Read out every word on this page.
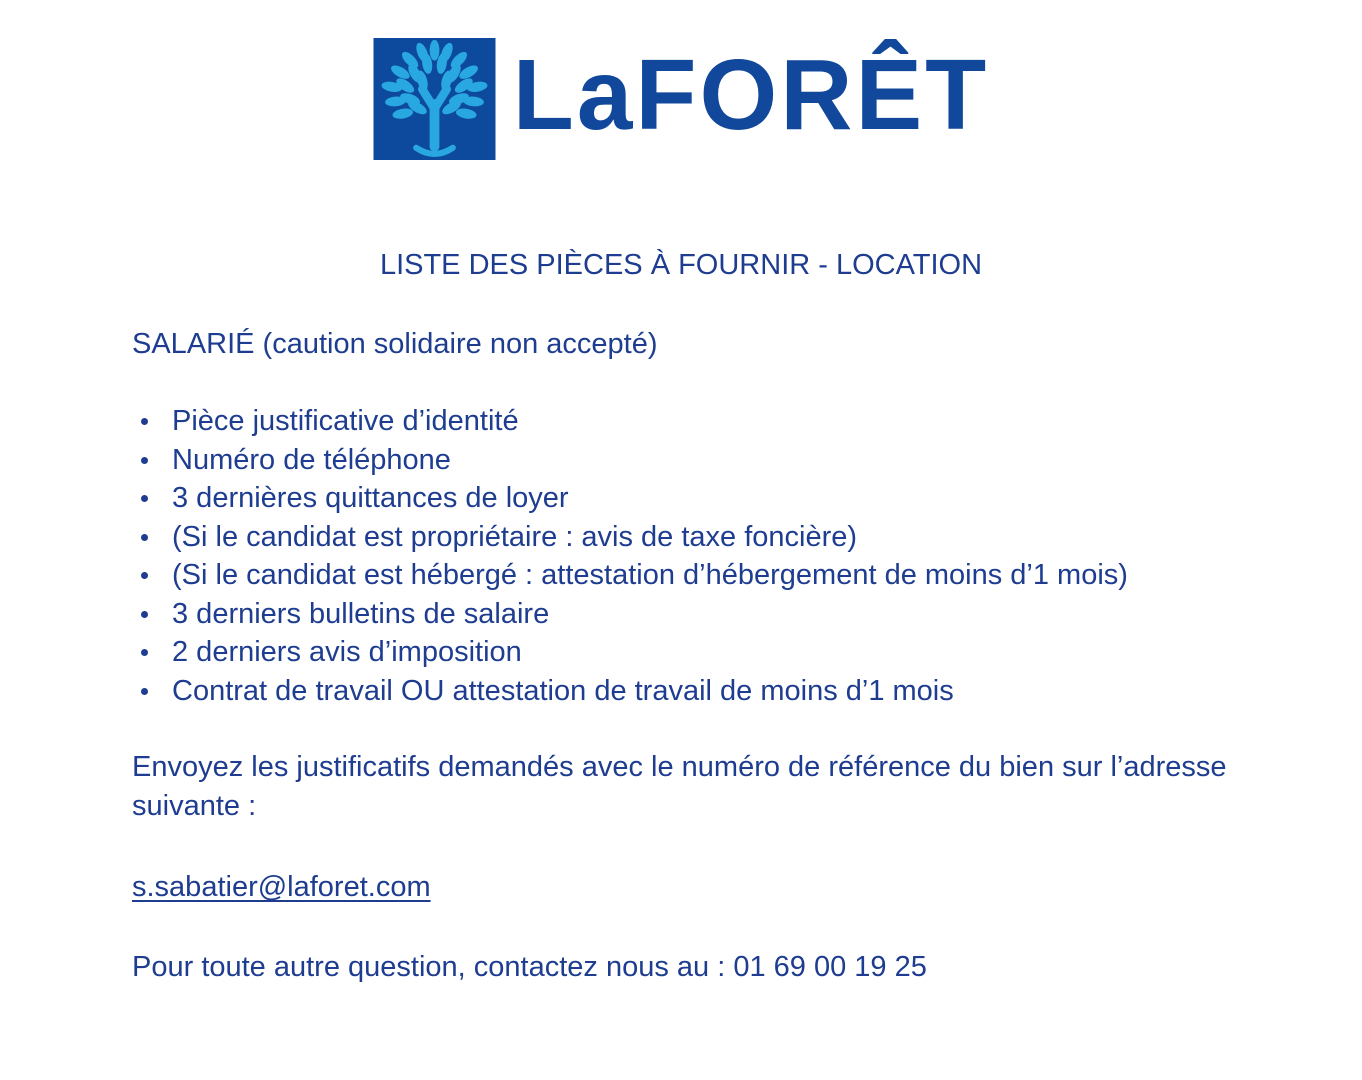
LaFORÊT
LISTE DES PIÈCES À FOURNIR - LOCATION
SALARIÉ (caution solidaire non accepté)
Pièce justificative d’identité
Numéro de téléphone
3 dernières quittances de loyer
(Si le candidat est propriétaire : avis de taxe foncière)
(Si le candidat est hébergé : attestation d’hébergement de moins d’1 mois)
3 derniers bulletins de salaire
2 derniers avis d’imposition
Contrat de travail OU attestation de travail de moins d’1 mois
Envoyez les justificatifs demandés avec le numéro de référence du bien sur l’adresse suivante :
s.sabatier@laforet.com
Pour toute autre question, contactez nous au : 01 69 00 19 25
